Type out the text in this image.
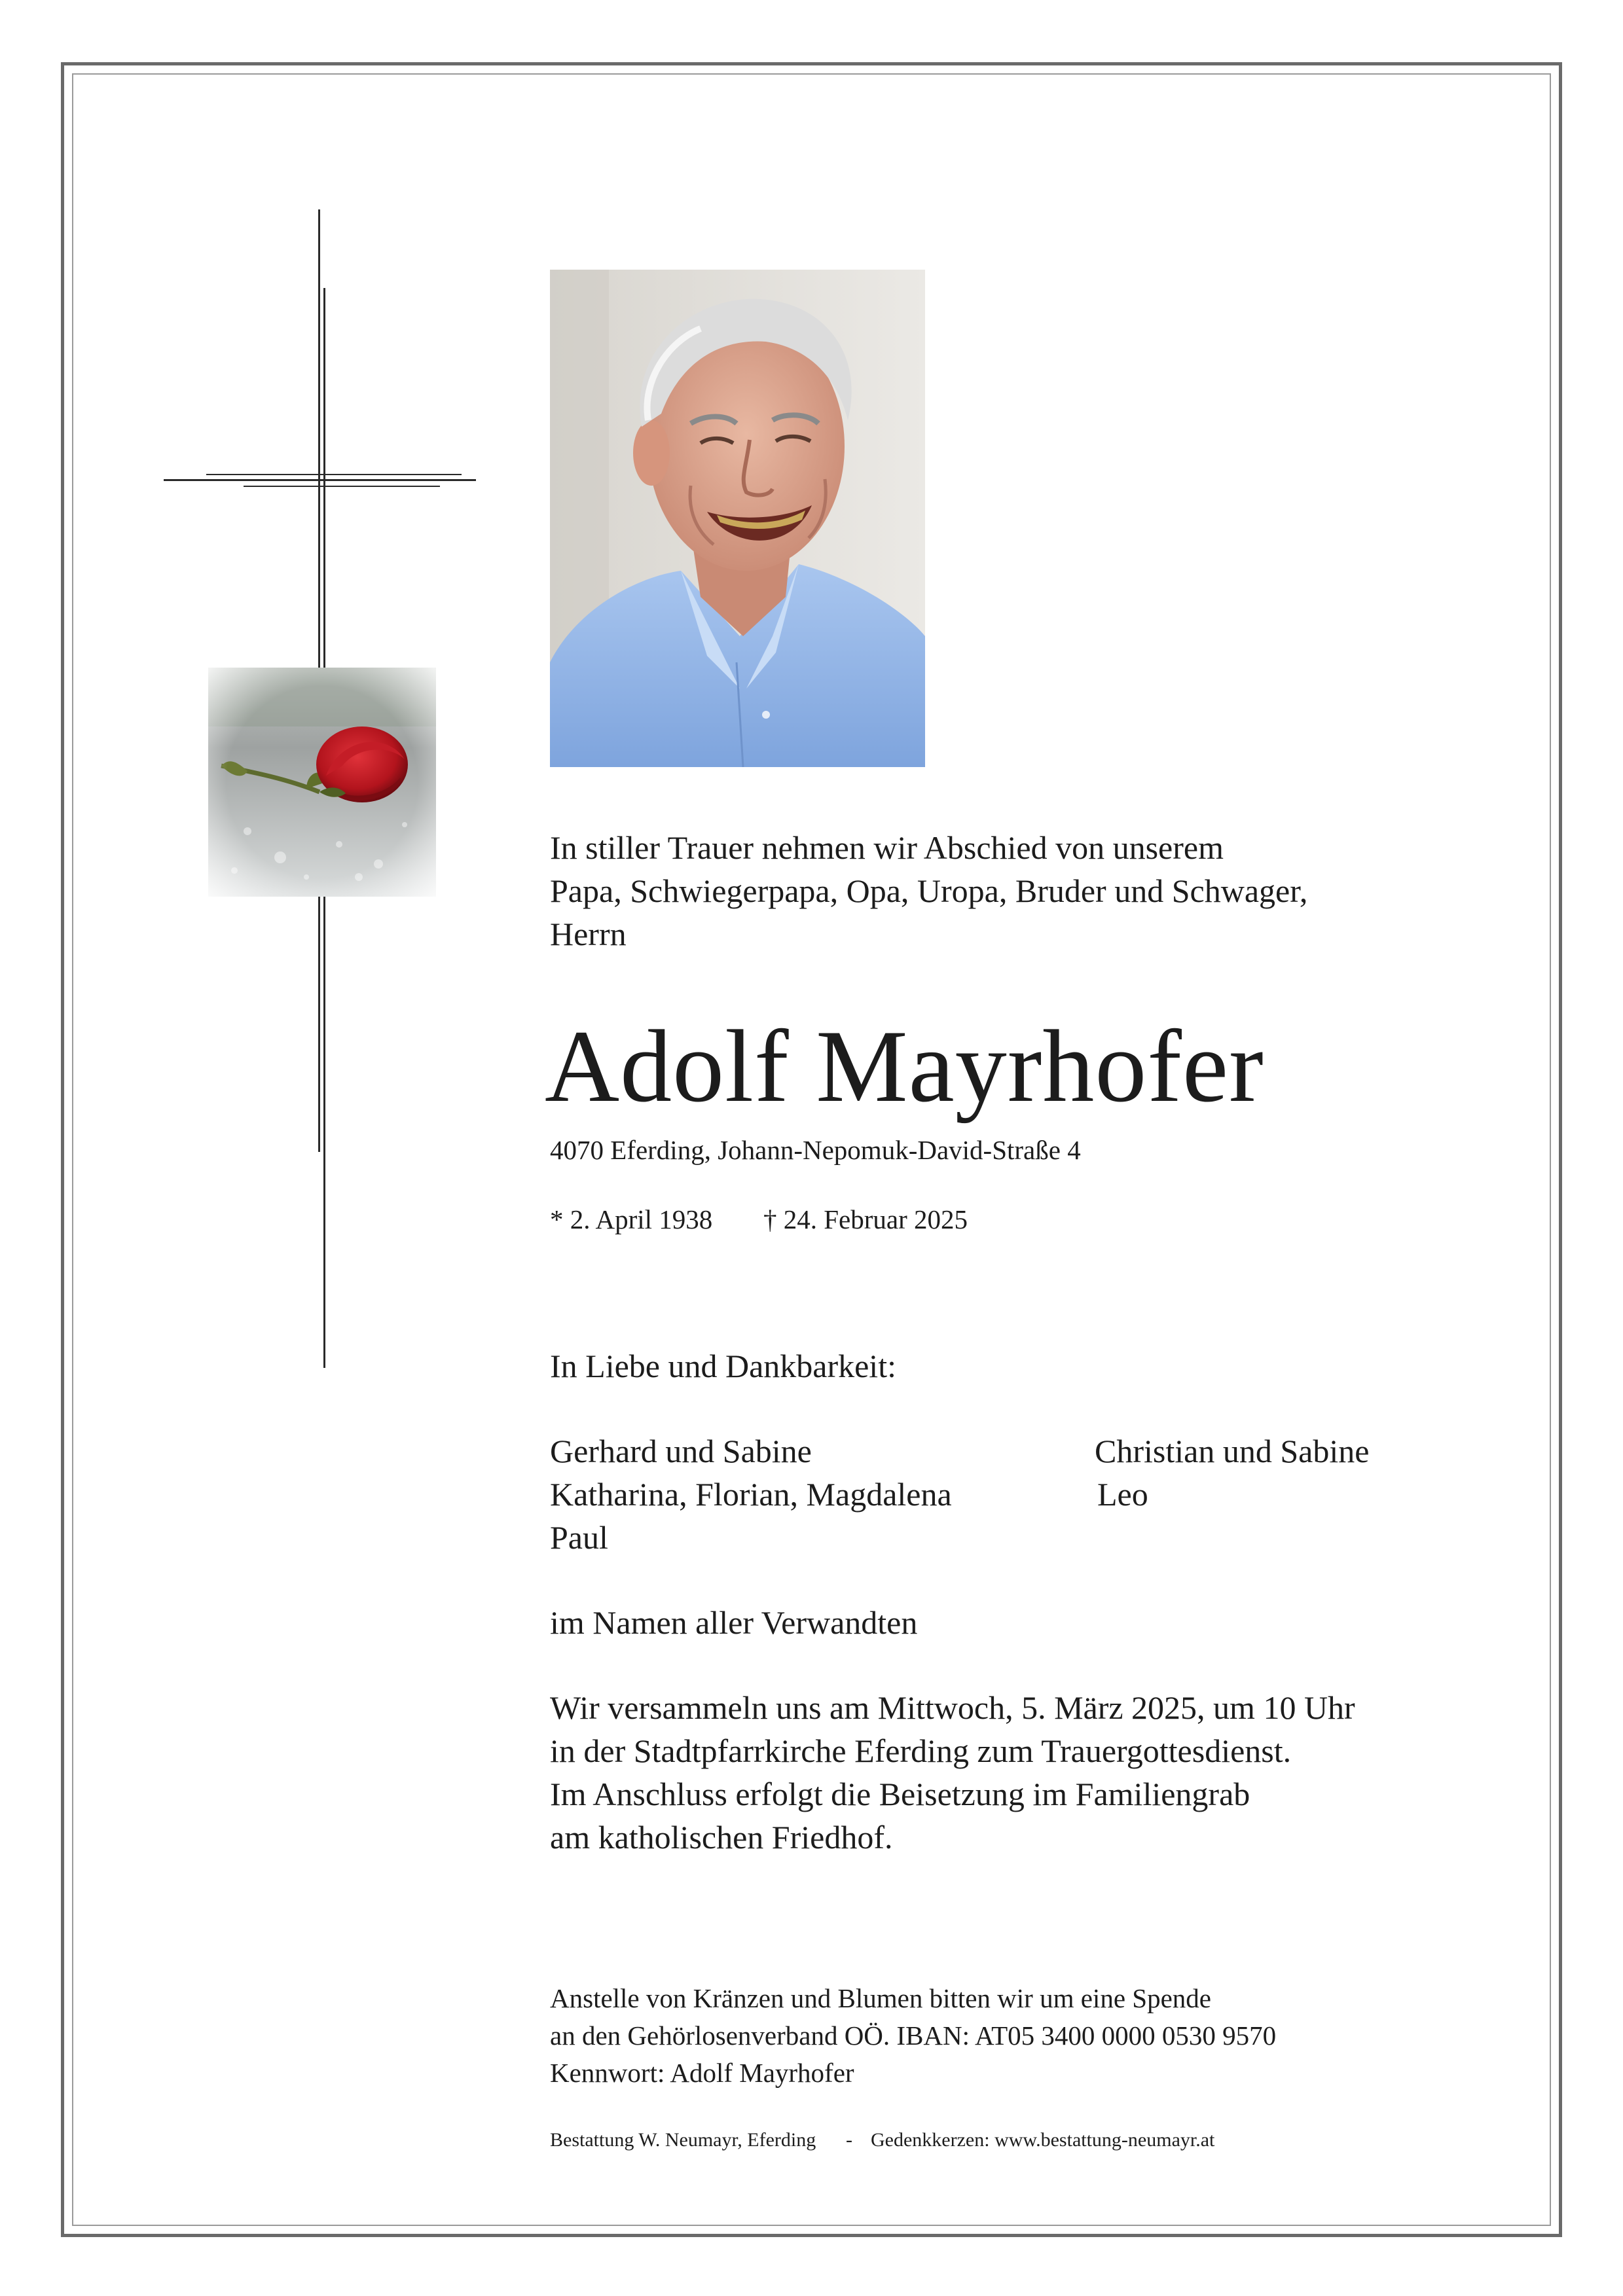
In stiller Trauer nehmen wir Abschied von unserem
Papa, Schwiegerpapa, Opa, Uropa, Bruder und Schwager,
Herrn
Adolf Mayrhofer
4070 Eferding, Johann-Nepomuk-David-Straße 4
* 2. April 1938 † 24. Februar 2025
In Liebe und Dankbarkeit:
Gerhard und Sabine
Katharina, Florian, Magdalena
Paul
Christian und Sabine
Leo
im Namen aller Verwandten
Wir versammeln uns am Mittwoch, 5. März 2025, um 10 Uhr
in der Stadtpfarrkirche Eferding zum Trauergottesdienst.
Im Anschluss erfolgt die Beisetzung im Familiengrab
am katholischen Friedhof.
Anstelle von Kränzen und Blumen bitten wir um eine Spende
an den Gehörlosenverband OÖ. IBAN: AT05 3400 0000 0530 9570
Kennwort: Adolf Mayrhofer
Bestattung W. Neumayr, Eferding - Gedenkkerzen: www.bestattung-neumayr.at
